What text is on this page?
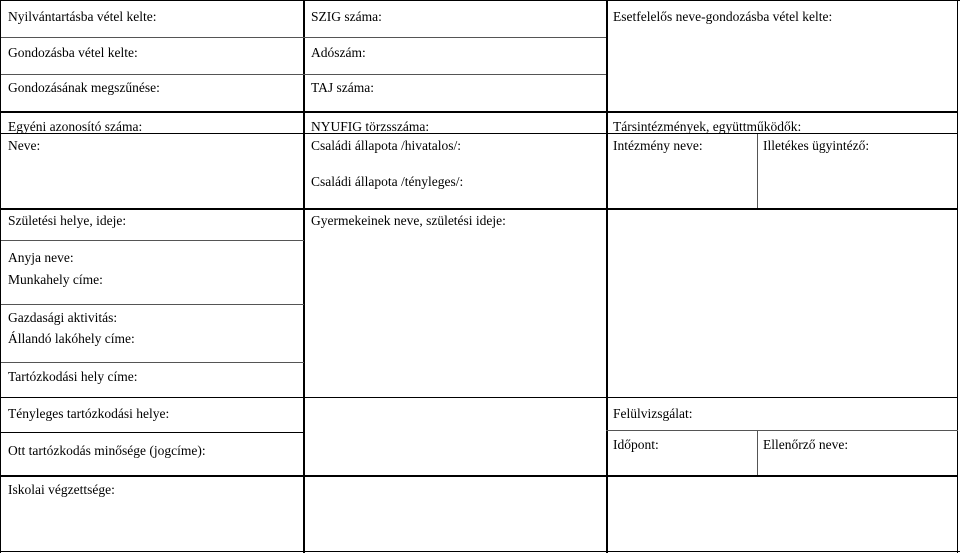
Nyilvántartásba vétel kelte:
Gondozásba vétel kelte:
Gondozásának megszűnése:
Egyéni azonosító száma:
Neve:
Születési helye, ideje:
Anyja neve:
Munkahely címe:
Gazdasági aktivitás:
Állandó lakóhely címe:
Tartózkodási hely címe:
Tényleges tartózkodási helye:
Ott tartózkodás minősége (jogcíme):
Iskolai végzettsége:
SZIG száma:
Adószám:
TAJ száma:
NYUFIG törzsszáma:
Családi állapota /hivatalos/:
Családi állapota /tényleges/:
Gyermekeinek neve, születési ideje:
Esetfelelős neve-gondozásba vétel kelte:
Társintézmények, együttműködők:
Intézmény neve:	Illetékes ügyintéző:
Felülvizsgálat:
Időpont:	Ellenőrző neve:
